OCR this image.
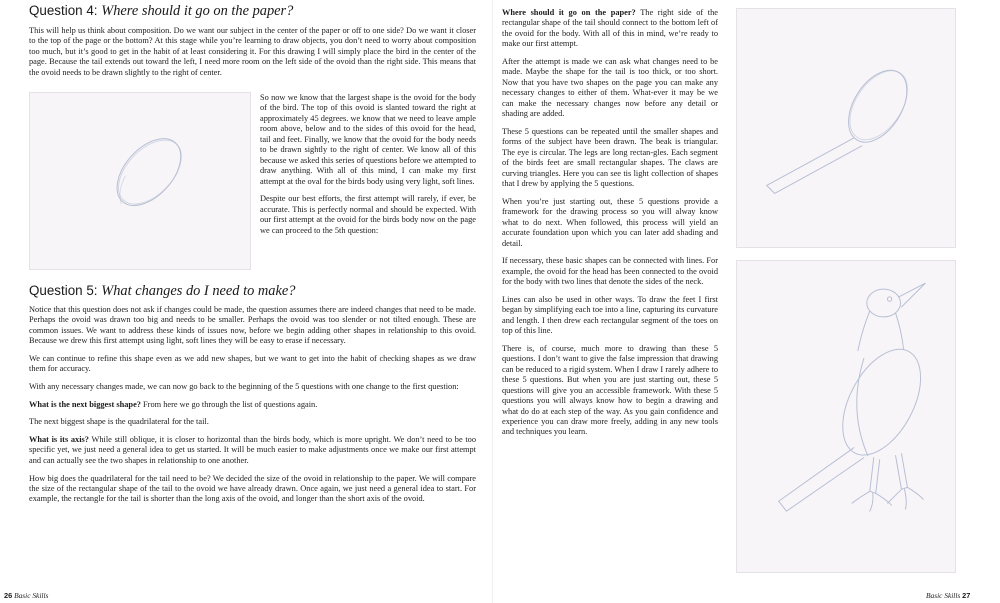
Question 4: Where should it go on the paper?

This will help us think about composition. Do we want our subject in the center of the paper or off to one side? Do we want it closer to the top of the page or the bottom? At this stage while you’re learning to draw objects, you don’t need to worry about composition too much, but it’s good to get in the habit of at least considering it. For this drawing I will simply place the bird in the center of the page. Because the tail extends out toward the left, I need more room on the left side of the ovoid than the right side. This means that the ovoid needs to be drawn slightly to the right of center.

So now we know that the largest shape is the ovoid for the body of the bird. The top of this ovoid is slanted toward the right at approximately 45 degrees. we know that we need to leave ample room above, below and to the sides of this ovoid for the head, tail and feet. Finally, we know that the ovoid for the body needs to be drawn sightly to the right of center. We know all of this because we asked this series of questions before we attempted to draw anything. With all of this mind, I can make my first attempt at the oval for the birds body using very light, soft lines.

Despite our best efforts, the first attempt will rarely, if ever, be accurate. This is perfectly normal and should be expected. With our first attempt at the ovoid for the birds body now on the page we can proceed to the 5th question:

Question 5: What changes do I need to make?

Notice that this question does not ask if changes could be made, the question assumes there are indeed changes that need to be made. Perhaps the ovoid was drawn too big and needs to be smaller. Perhaps the ovoid was too slender or not tilted enough. These are common issues. We want to address these kinds of issues now, before we begin adding other shapes in relationship to this ovoid. Because we drew this first attempt using light, soft lines they will be easy to erase if necessary.

We can continue to refine this shape even as we add new shapes, but we want to get into the habit of checking shapes as we draw them for accuracy.

With any necessary changes made, we can now go back to the beginning of the 5 questions with one change to the first question:

What is the next biggest shape? From here we go through the list of questions again.

The next biggest shape is the quadrilateral for the tail.

What is its axis? While still oblique, it is closer to horizontal than the birds body, which is more upright. We don’t need to be too specific yet, we just need a general idea to get us started. It will be much easier to make adjustments once we make our first attempt and can actually see the two shapes in relationship to one another.

How big does the quadrilateral for the tail need to be? We decided the size of the ovoid in relationship to the paper. We will compare the size of the rectangular shape of the tail to the ovoid we have already drawn. Once again, we just need a general idea to start. For example, the rectangle for the tail is shorter than the long axis of the ovoid, and longer than the short axis of the ovoid.

26 Basic Skills

Where should it go on the paper? The right side of the rectangular shape of the tail should connect to the bottom left of the ovoid for the body. With all of this in mind, we’re ready to make our first attempt.

After the attempt is made we can ask what changes need to be made. Maybe the shape for the tail is too thick, or too short. Now that you have two shapes on the page you can make any necessary changes to either of them. What-ever it may be we can make the necessary changes now before any detail or shading are added.

These 5 questions can be repeated until the smaller shapes and forms of the subject have been drawn. The beak is triangular. The eye is circular. The legs are long rectan-gles. Each segment of the birds feet are small rectangular shapes. The claws are curving triangles. Here you can see tis light collection of shapes that I drew by applying the 5 questions.

When you’re just starting out, these 5 questions provide a framework for the drawing process so you will alway know what to do next. When followed, this process will yield an accurate foundation upon which you can later add shading and detail.

If necessary, these basic shapes can be connected with lines. For example, the ovoid for the head has been connected to the ovoid for the body with two lines that denote the sides of the neck.

Lines can also be used in other ways. To draw the feet I first began by simplifying each toe into a line, capturing its curvature and length. I then drew each rectangular segment of the toes on top of this line.

There is, of course, much more to drawing than these 5 questions. I don’t want to give the false impression that drawing can be reduced to a rigid system. When I draw I rarely adhere to these 5 questions. But when you are just starting out, these 5 questions will give you an accessible framework. With these 5 questions you will always know how to begin a drawing and what do do at each step of the way. As you gain confidence and experience you can draw more freely, adding in any new tools and techniques you learn.

Basic Skills 27
